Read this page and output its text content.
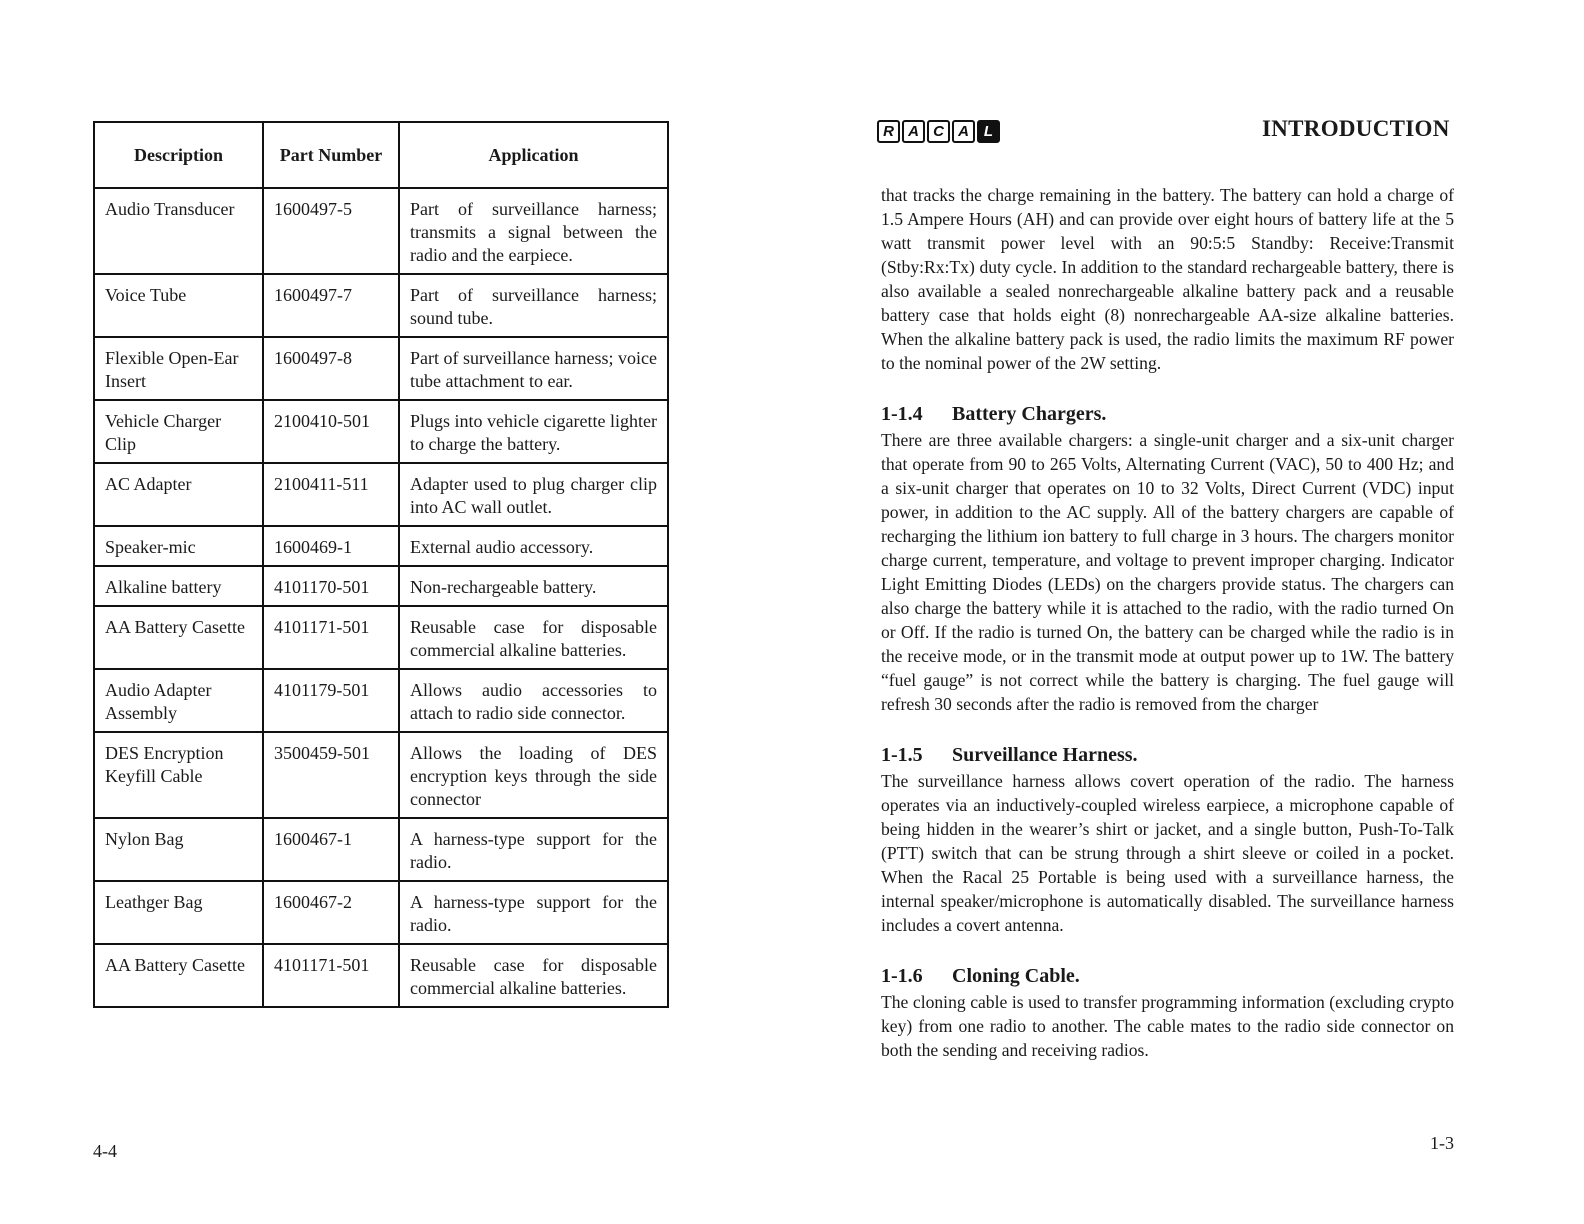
Description	Part Number	Application
Audio Transducer	1600497-5	Part of surveillance harness; transmits a signal between the radio and the earpiece.
Voice Tube	1600497-7	Part of surveillance harness; sound tube.
Flexible Open-Ear Insert	1600497-8	Part of surveillance harness; voice tube attachment to ear.
Vehicle Charger Clip	2100410-501	Plugs into vehicle cigarette lighter to charge the battery.
AC Adapter	2100411-511	Adapter used to plug charger clip into AC wall outlet.
Speaker-mic	1600469-1	External audio accessory.
Alkaline battery	4101170-501	Non-rechargeable battery.
AA Battery Casette	4101171-501	Reusable case for disposable commercial alkaline batteries.
Audio Adapter Assembly	4101179-501	Allows audio accessories to attach to radio side connector.
DES Encryption Keyfill Cable	3500459-501	Allows the loading of DES encryption keys through the side connector
Nylon Bag	1600467-1	A harness-type support for the radio.
Leathger Bag	1600467-2	A harness-type support for the radio.
AA Battery Casette	4101171-501	Reusable case for disposable commercial alkaline batteries.
4-4
R A C A L	INTRODUCTION

that tracks the charge remaining in the battery. The battery can hold a charge of 1.5 Ampere Hours (AH) and can provide over eight hours of battery life at the 5 watt transmit power level with an 90:5:5 Standby: Receive:Transmit (Stby:Rx:Tx) duty cycle. In addition to the standard rechargeable battery, there is also available a sealed nonrechargeable alkaline battery pack and a reusable battery case that holds eight (8) nonrechargeable AA-size alkaline batteries. When the alkaline battery pack is used, the radio limits the maximum RF power to the nominal power of the 2W setting.

1-1.4 Battery Chargers.

There are three available chargers: a single-unit charger and a six-unit charger that operate from 90 to 265 Volts, Alternating Current (VAC), 50 to 400 Hz; and a six-unit charger that operates on 10 to 32 Volts, Direct Current (VDC) input power, in addition to the AC supply. All of the battery chargers are capable of recharging the lithium ion battery to full charge in 3 hours. The chargers monitor charge current, temperature, and voltage to prevent improper charging. Indicator Light Emitting Diodes (LEDs) on the chargers provide status. The chargers can also charge the battery while it is attached to the radio, with the radio turned On or Off. If the radio is turned On, the battery can be charged while the radio is in the receive mode, or in the transmit mode at output power up to 1W. The battery “fuel gauge” is not correct while the battery is charging. The fuel gauge will refresh 30 seconds after the radio is removed from the charger

1-1.5 Surveillance Harness.

The surveillance harness allows covert operation of the radio. The harness operates via an inductively-coupled wireless earpiece, a microphone capable of being hidden in the wearer’s shirt or jacket, and a single button, Push-To-Talk (PTT) switch that can be strung through a shirt sleeve or coiled in a pocket. When the Racal 25 Portable is being used with a surveillance harness, the internal speaker/microphone is automatically disabled. The surveillance harness includes a covert antenna.

1-1.6 Cloning Cable.

The cloning cable is used to transfer programming information (excluding crypto key) from one radio to another. The cable mates to the radio side connector on both the sending and receiving radios.

1-3
